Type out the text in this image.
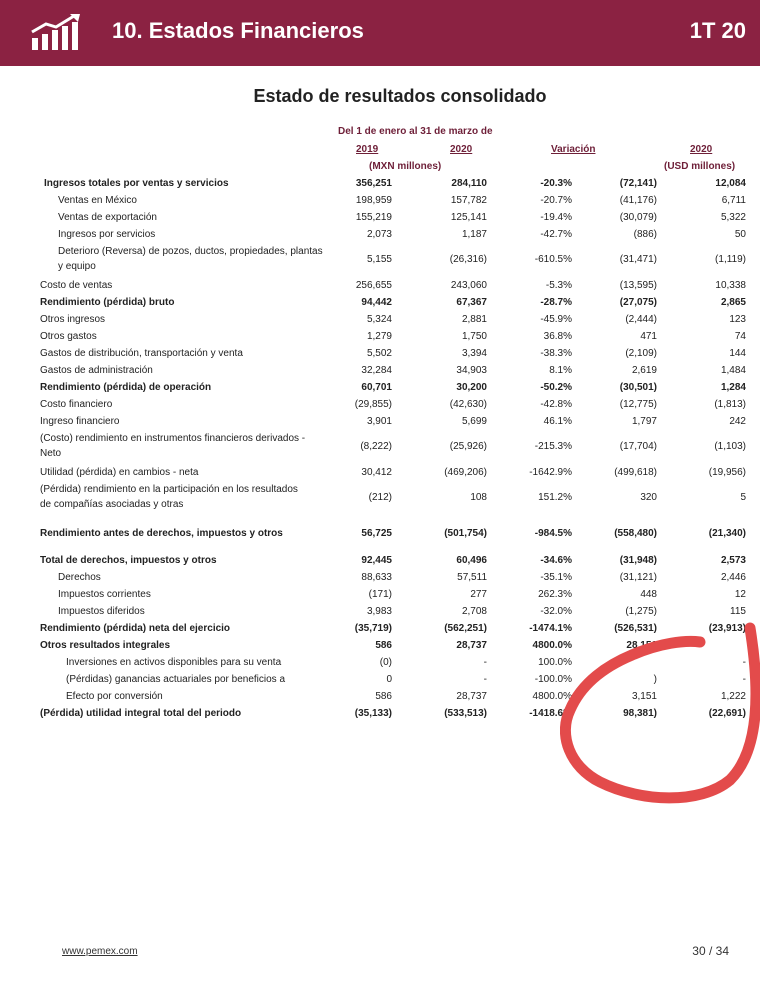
10. Estados Financieros	1T 20
Estado de resultados consolidado
Del 1 de enero al 31 de marzo de
2019	2020	Variación	2020
(MXN millones)	(USD millones)
Ingresos totales por ventas y servicios	356,251	284,110	-20.3%	(72,141)	12,084
Ventas en México	198,959	157,782	-20.7%	(41,176)	6,711
Ventas de exportación	155,219	125,141	-19.4%	(30,079)	5,322
Ingresos por servicios	2,073	1,187	-42.7%	(886)	50
Deterioro (Reversa) de pozos, ductos, propiedades, plantas y equipo
5,155	(26,316)	-610.5%	(31,471)	(1,119)
Costo de ventas	256,655	243,060	-5.3%	(13,595)	10,338
Rendimiento (pérdida) bruto	94,442	67,367	-28.7%	(27,075)	2,865
Otros ingresos	5,324	2,881	-45.9%	(2,444)	123
Otros gastos	1,279	1,750	36.8%	471	74
Gastos de distribución, transportación y venta	5,502	3,394	-38.3%	(2,109)	144
Gastos de administración	32,284	34,903	8.1%	2,619	1,484
Rendimiento (pérdida) de operación	60,701	30,200	-50.2%	(30,501)	1,284
Costo financiero	(29,855)	(42,630)	-42.8%	(12,775)	(1,813)
Ingreso financiero	3,901	5,699	46.1%	1,797	242
(Costo) rendimiento en instrumentos financieros derivados - Neto
(8,222)	(25,926)	-215.3%	(17,704)	(1,103)
Utilidad (pérdida) en cambios - neta	30,412	(469,206)	-1642.9%	(499,618)	(19,956)
(Pérdida) rendimiento en la participación en los resultados de compañías asociadas y otras
(212)	108	151.2%	320	5
Rendimiento antes de derechos, impuestos y otros	56,725	(501,754)	-984.5%	(558,480)	(21,340)
Total de derechos, impuestos y otros	92,445	60,496	-34.6%	(31,948)	2,573
Derechos	88,633	57,511	-35.1%	(31,121)	2,446
Impuestos corrientes	(171)	277	262.3%	448	12
Impuestos diferidos	3,983	2,708	-32.0%	(1,275)	115
Rendimiento (pérdida) neta del ejercicio	(35,719)	(562,251)	-1474.1%	(526,531)	(23,913)
Otros resultados integrales	586	28,737	4800.0%	28,151
Inversiones en activos disponibles para su venta	(0)	-	100.0%	-
(Pérdidas) ganancias actuariales por beneficios a	0	-	-100.0%	)	-
Efecto por conversión	586	28,737	4800.0%	3,151	1,222
(Pérdida) utilidad integral total del periodo	(35,133)	(533,513)	-1418.6%	98,381)	(22,691)
www.pemex.com	30 / 34
